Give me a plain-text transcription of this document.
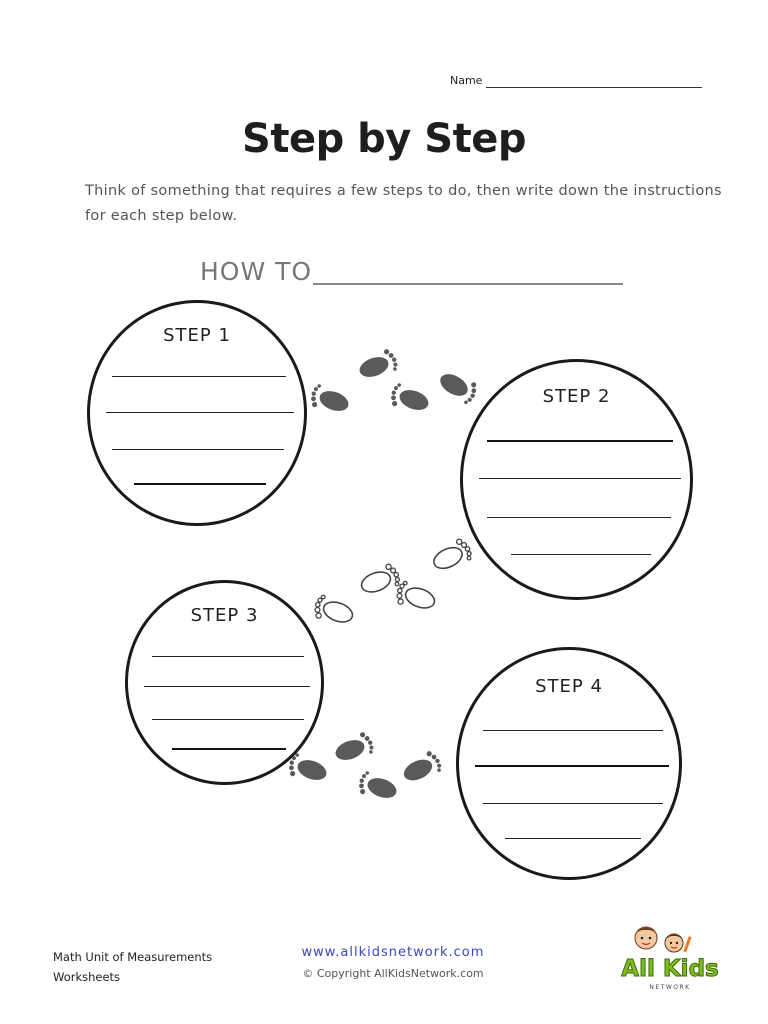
Name
Step by Step
Think of something that requires a few steps to do, then write down the instructions for each step below.
HOW TO
STEP 1
STEP 2
STEP 3
STEP 4
Math Unit of Measurements
Worksheets
www.allkidsnetwork.com
© Copyright AllKidsNetwork.com	All Kids
NETWORK
